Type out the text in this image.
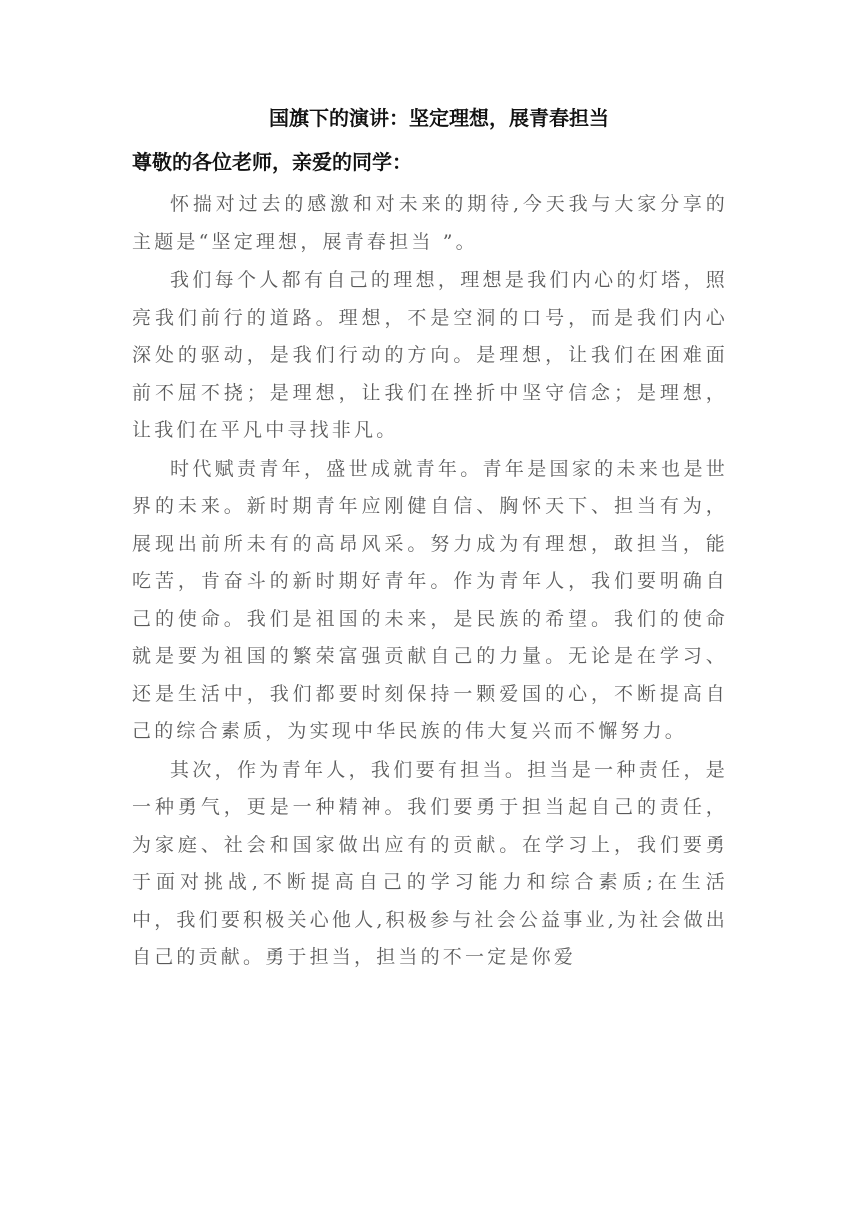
国旗下的演讲：坚定理想，展青春担当
尊敬的各位老师，亲爱的同学：

怀揣对过去的感激和对未来的期待,今天我与大家分享的主题是“坚定理想，展青春担当 ”。

我们每个人都有自己的理想，理想是我们内心的灯塔，照亮我们前行的道路。理想，不是空洞的口号，而是我们内心深处的驱动，是我们行动的方向。是理想，让我们在困难面前不屈不挠；是理想，让我们在挫折中坚守信念；是理想，让我们在平凡中寻找非凡。

时代赋责青年，盛世成就青年。青年是国家的未来也是世界的未来。新时期青年应刚健自信、胸怀天下、担当有为，展现出前所未有的高昂风采。努力成为有理想，敢担当，能吃苦，肯奋斗的新时期好青年。作为青年人，我们要明确自己的使命。我们是祖国的未来，是民族的希望。我们的使命就是要为祖国的繁荣富强贡献自己的力量。无论是在学习、还是生活中，我们都要时刻保持一颗爱国的心，不断提高自己的综合素质，为实现中华民族的伟大复兴而不懈努力。

其次，作为青年人，我们要有担当。担当是一种责任，是一种勇气，更是一种精神。我们要勇于担当起自己的责任，为家庭、社会和国家做出应有的贡献。在学习上，我们要勇于面对挑战,不断提高自己的学习能力和综合素质;在生活中，我们要积极关心他人,积极参与社会公益事业,为社会做出自己的贡献。勇于担当，担当的不一定是你爱
